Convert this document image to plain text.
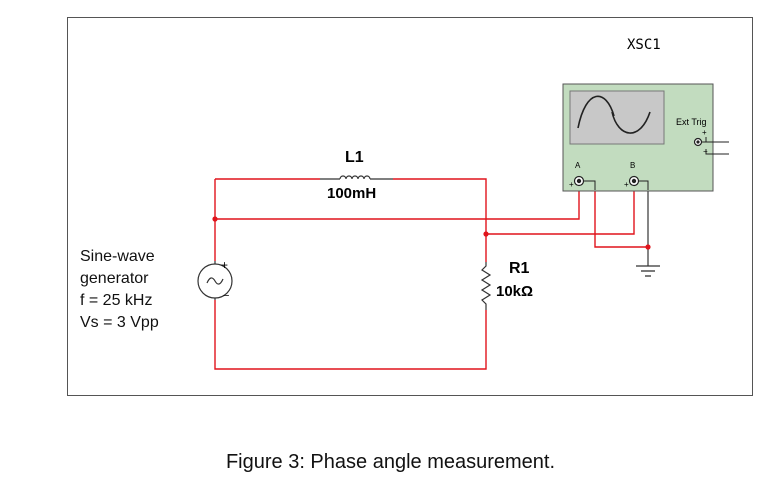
XSC1
Ext Trig
A	B
+	+
+
−
L1
100mH
R1
10kΩ
+
−
Sine-wave
generator
f = 25 kHz
Vs = 3 Vpp
Figure 3: Phase angle measurement.
